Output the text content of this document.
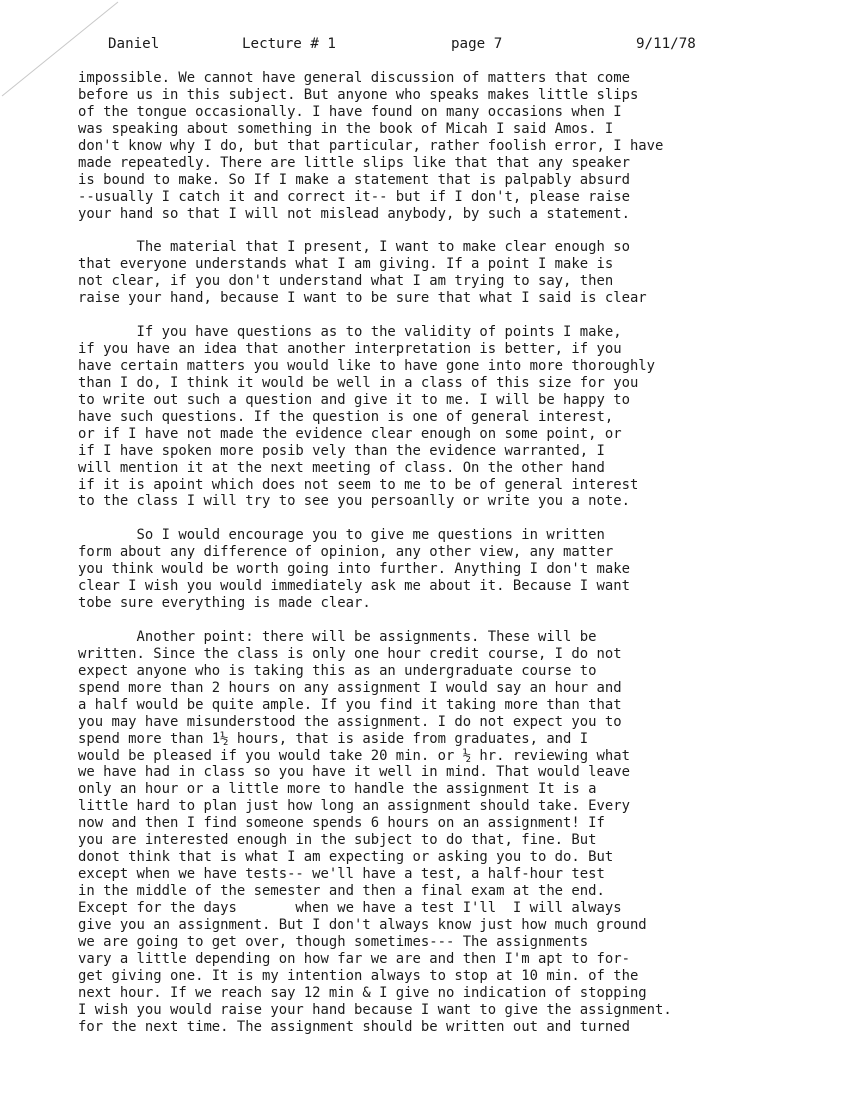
Daniel	Lecture # 1	page 7	9/11/78
impossible. We cannot have general discussion of matters that come
before us in this subject. But anyone who speaks makes little slips
of the tongue occasionally. I have found on many occasions when I
was speaking about something in the book of Micah I said Amos. I
don't know why I do, but that particular, rather foolish error, I have
made repeatedly. There are little slips like that that any speaker
is bound to make. So If I make a statement that is palpably absurd
--usually I catch it and correct it-- but if I don't, please raise
your hand so that I will not mislead anybody, by such a statement.
The material that I present, I want to make clear enough so
that everyone understands what I am giving. If a point I make is
not clear, if you don't understand what I am trying to say, then
raise your hand, because I want to be sure that what I said is clear
If you have questions as to the validity of points I make,
if you have an idea that another interpretation is better, if you
have certain matters you would like to have gone into more thoroughly
than I do, I think it would be well in a class of this size for you
to write out such a question and give it to me. I will be happy to
have such questions. If the question is one of general interest,
or if I have not made the evidence clear enough on some point, or
if I have spoken more posib vely than the evidence warranted, I
will mention it at the next meeting of class. On the other hand
if it is apoint which does not seem to me to be of general interest
to the class I will try to see you persoanlly or write you a note.
So I would encourage you to give me questions in written
form about any difference of opinion, any other view, any matter
you think would be worth going into further. Anything I don't make
clear I wish you would immediately ask me about it. Because I want
tobe sure everything is made clear.
Another point: there will be assignments. These will be
written. Since the class is only one hour credit course, I do not
expect anyone who is taking this as an undergraduate course to
spend more than 2 hours on any assignment I would say an hour and
a half would be quite ample. If you find it taking more than that
you may have misunderstood the assignment. I do not expect you to
spend more than 1½ hours, that is aside from graduates, and I
would be pleased if you would take 20 min. or ½ hr. reviewing what
we have had in class so you have it well in mind. That would leave
only an hour or a little more to handle the assignment It is a
little hard to plan just how long an assignment should take. Every
now and then I find someone spends 6 hours on an assignment! If
you are interested enough in the subject to do that, fine. But
donot think that is what I am expecting or asking you to do. But
except when we have tests-- we'll have a test, a half-hour test
in the middle of the semester and then a final exam at the end.
Except for the days       when we have a test I'll  I will always
give you an assignment. But I don't always know just how much ground
we are going to get over, though sometimes--- The assignments
vary a little depending on how far we are and then I'm apt to for-
get giving one. It is my intention always to stop at 10 min. of the
next hour. If we reach say 12 min & I give no indication of stopping
I wish you would raise your hand because I want to give the assignment.
for the next time. The assignment should be written out and turned
